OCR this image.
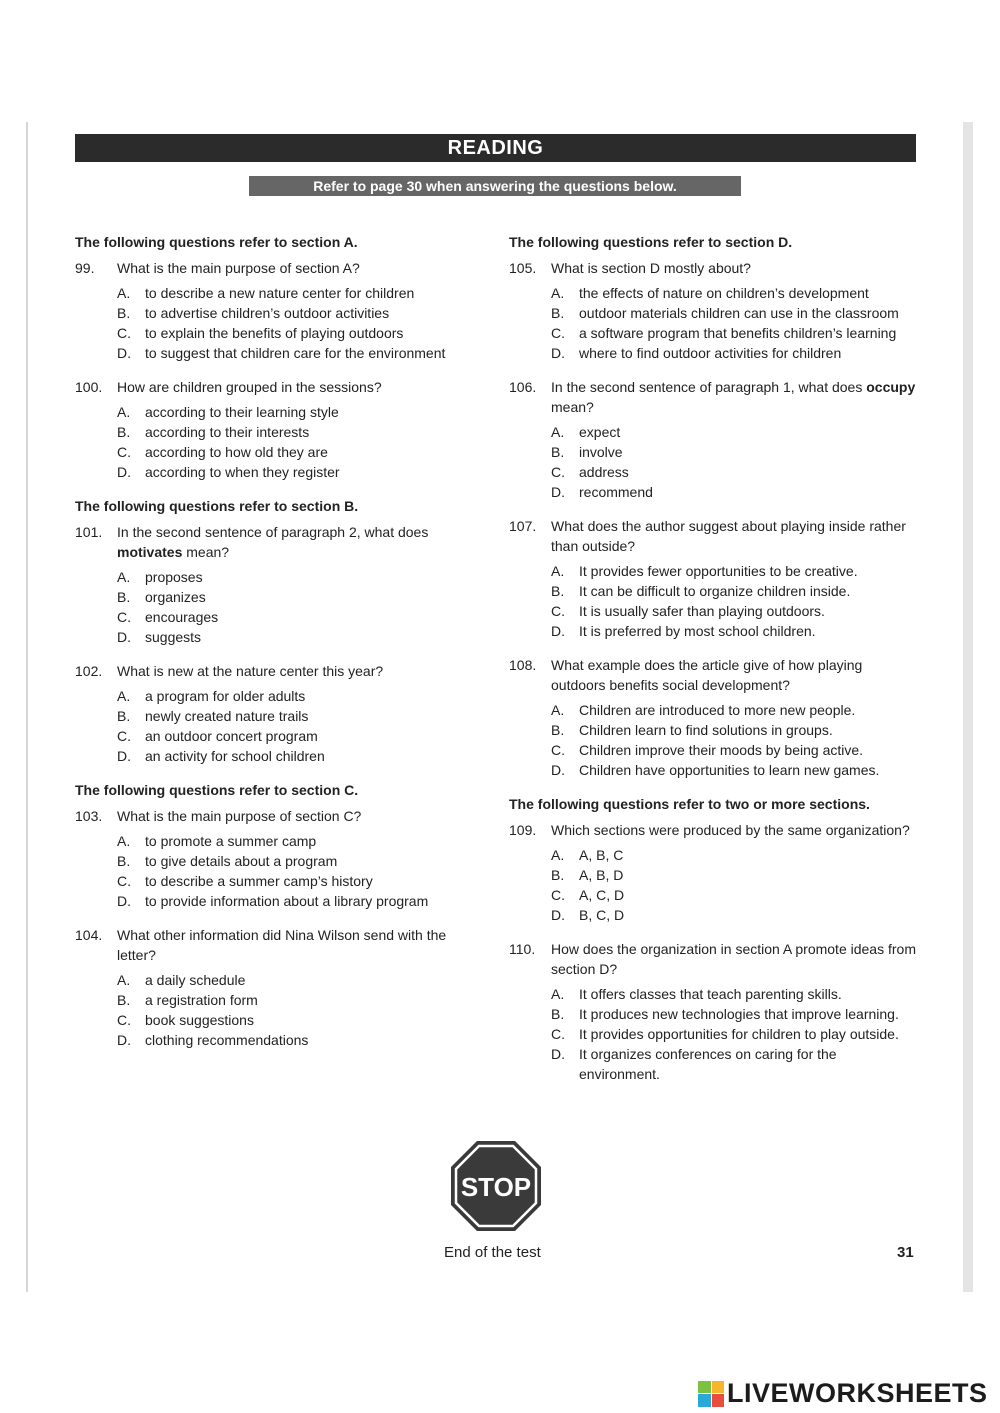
READING
Refer to page 30 when answering the questions below.
The following questions refer to section A.
99.	What is the main purpose of section A?
A.	to describe a new nature center for children
B.	to advertise children’s outdoor activities
C.	to explain the benefits of playing outdoors
D.	to suggest that children care for the environment
100.	How are children grouped in the sessions?
A.	according to their learning style
B.	according to their interests
C.	according to how old they are
D.	according to when they register
The following questions refer to section B.
101.	In the second sentence of paragraph 2, what does motivates mean?
A.	proposes
B.	organizes
C.	encourages
D.	suggests
102.	What is new at the nature center this year?
A.	a program for older adults
B.	newly created nature trails
C.	an outdoor concert program
D.	an activity for school children
The following questions refer to section C.
103.	What is the main purpose of section C?
A.	to promote a summer camp
B.	to give details about a program
C.	to describe a summer camp’s history
D.	to provide information about a library program
104.	What other information did Nina Wilson send with the letter?
A.	a daily schedule
B.	a registration form
C.	book suggestions
D.	clothing recommendations
The following questions refer to section D.
105.	What is section D mostly about?
A.	the effects of nature on children’s development
B.	outdoor materials children can use in the classroom
C.	a software program that benefits children’s learning
D.	where to find outdoor activities for children
106.	In the second sentence of paragraph 1, what does occupy mean?
A.	expect
B.	involve
C.	address
D.	recommend
107.	What does the author suggest about playing inside rather than outside?
A.	It provides fewer opportunities to be creative.
B.	It can be difficult to organize children inside.
C.	It is usually safer than playing outdoors.
D.	It is preferred by most school children.
108.	What example does the article give of how playing outdoors benefits social development?
A.	Children are introduced to more new people.
B.	Children learn to find solutions in groups.
C.	Children improve their moods by being active.
D.	Children have opportunities to learn new games.
The following questions refer to two or more sections.
109.	Which sections were produced by the same organization?
A.	A, B, C
B.	A, B, D
C.	A, C, D
D.	B, C, D
110.	How does the organization in section A promote ideas from section D?
A.	It offers classes that teach parenting skills.
B.	It produces new technologies that improve learning.
C.	It provides opportunities for children to play outside.
D.	It organizes conferences on caring for the environment.
STOP
End of the test	31
LIVEWORKSHEETS
